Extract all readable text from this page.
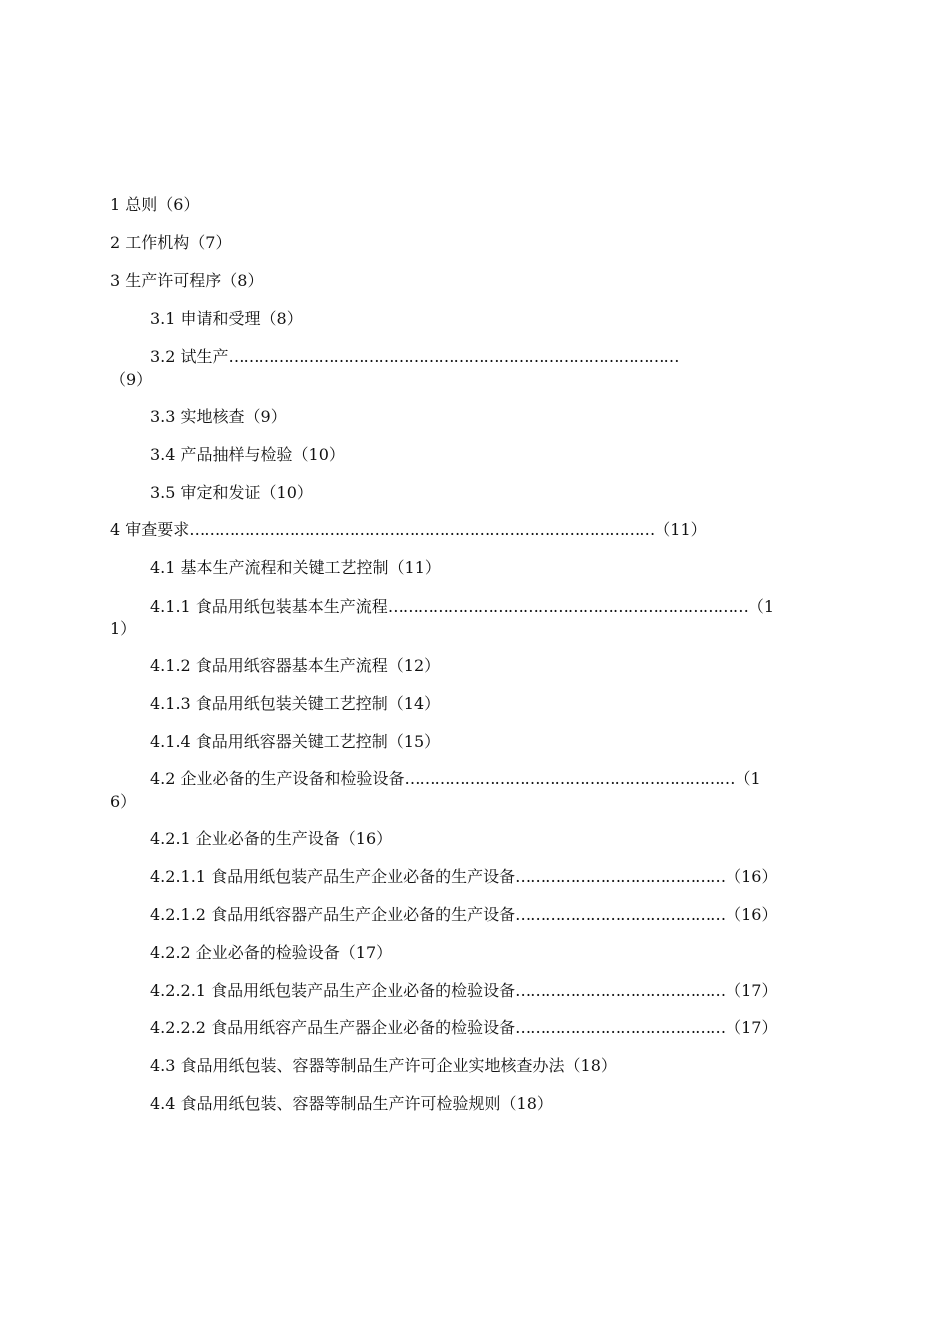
1 总则（6）
2 工作机构（7）
3 生产许可程序（8）
3.1 申请和受理（8）
3.2 试生产………………………………………………………………………………
（9）
3.3 实地核查（9）
3.4 产品抽样与检验（10）
3.5 审定和发证（10）
4 审查要求…………………………………………………………………………………（11）
4.1 基本生产流程和关键工艺控制（11）
4.1.1 食品用纸包装基本生产流程………………………………………………………………（1
1）
4.1.2 食品用纸容器基本生产流程（12）
4.1.3 食品用纸包装关键工艺控制（14）
4.1.4 食品用纸容器关键工艺控制（15）
4.2 企业必备的生产设备和检验设备…………………………………………………………（1
6）
4.2.1 企业必备的生产设备（16）
4.2.1.1 食品用纸包装产品生产企业必备的生产设备……………………………………（16）
4.2.1.2 食品用纸容器产品生产企业必备的生产设备……………………………………（16）
4.2.2 企业必备的检验设备（17）
4.2.2.1 食品用纸包装产品生产企业必备的检验设备……………………………………（17）
4.2.2.2 食品用纸容产品生产器企业必备的检验设备……………………………………（17）
4.3 食品用纸包装、容器等制品生产许可企业实地核查办法（18）
4.4 食品用纸包装、容器等制品生产许可检验规则（18）
